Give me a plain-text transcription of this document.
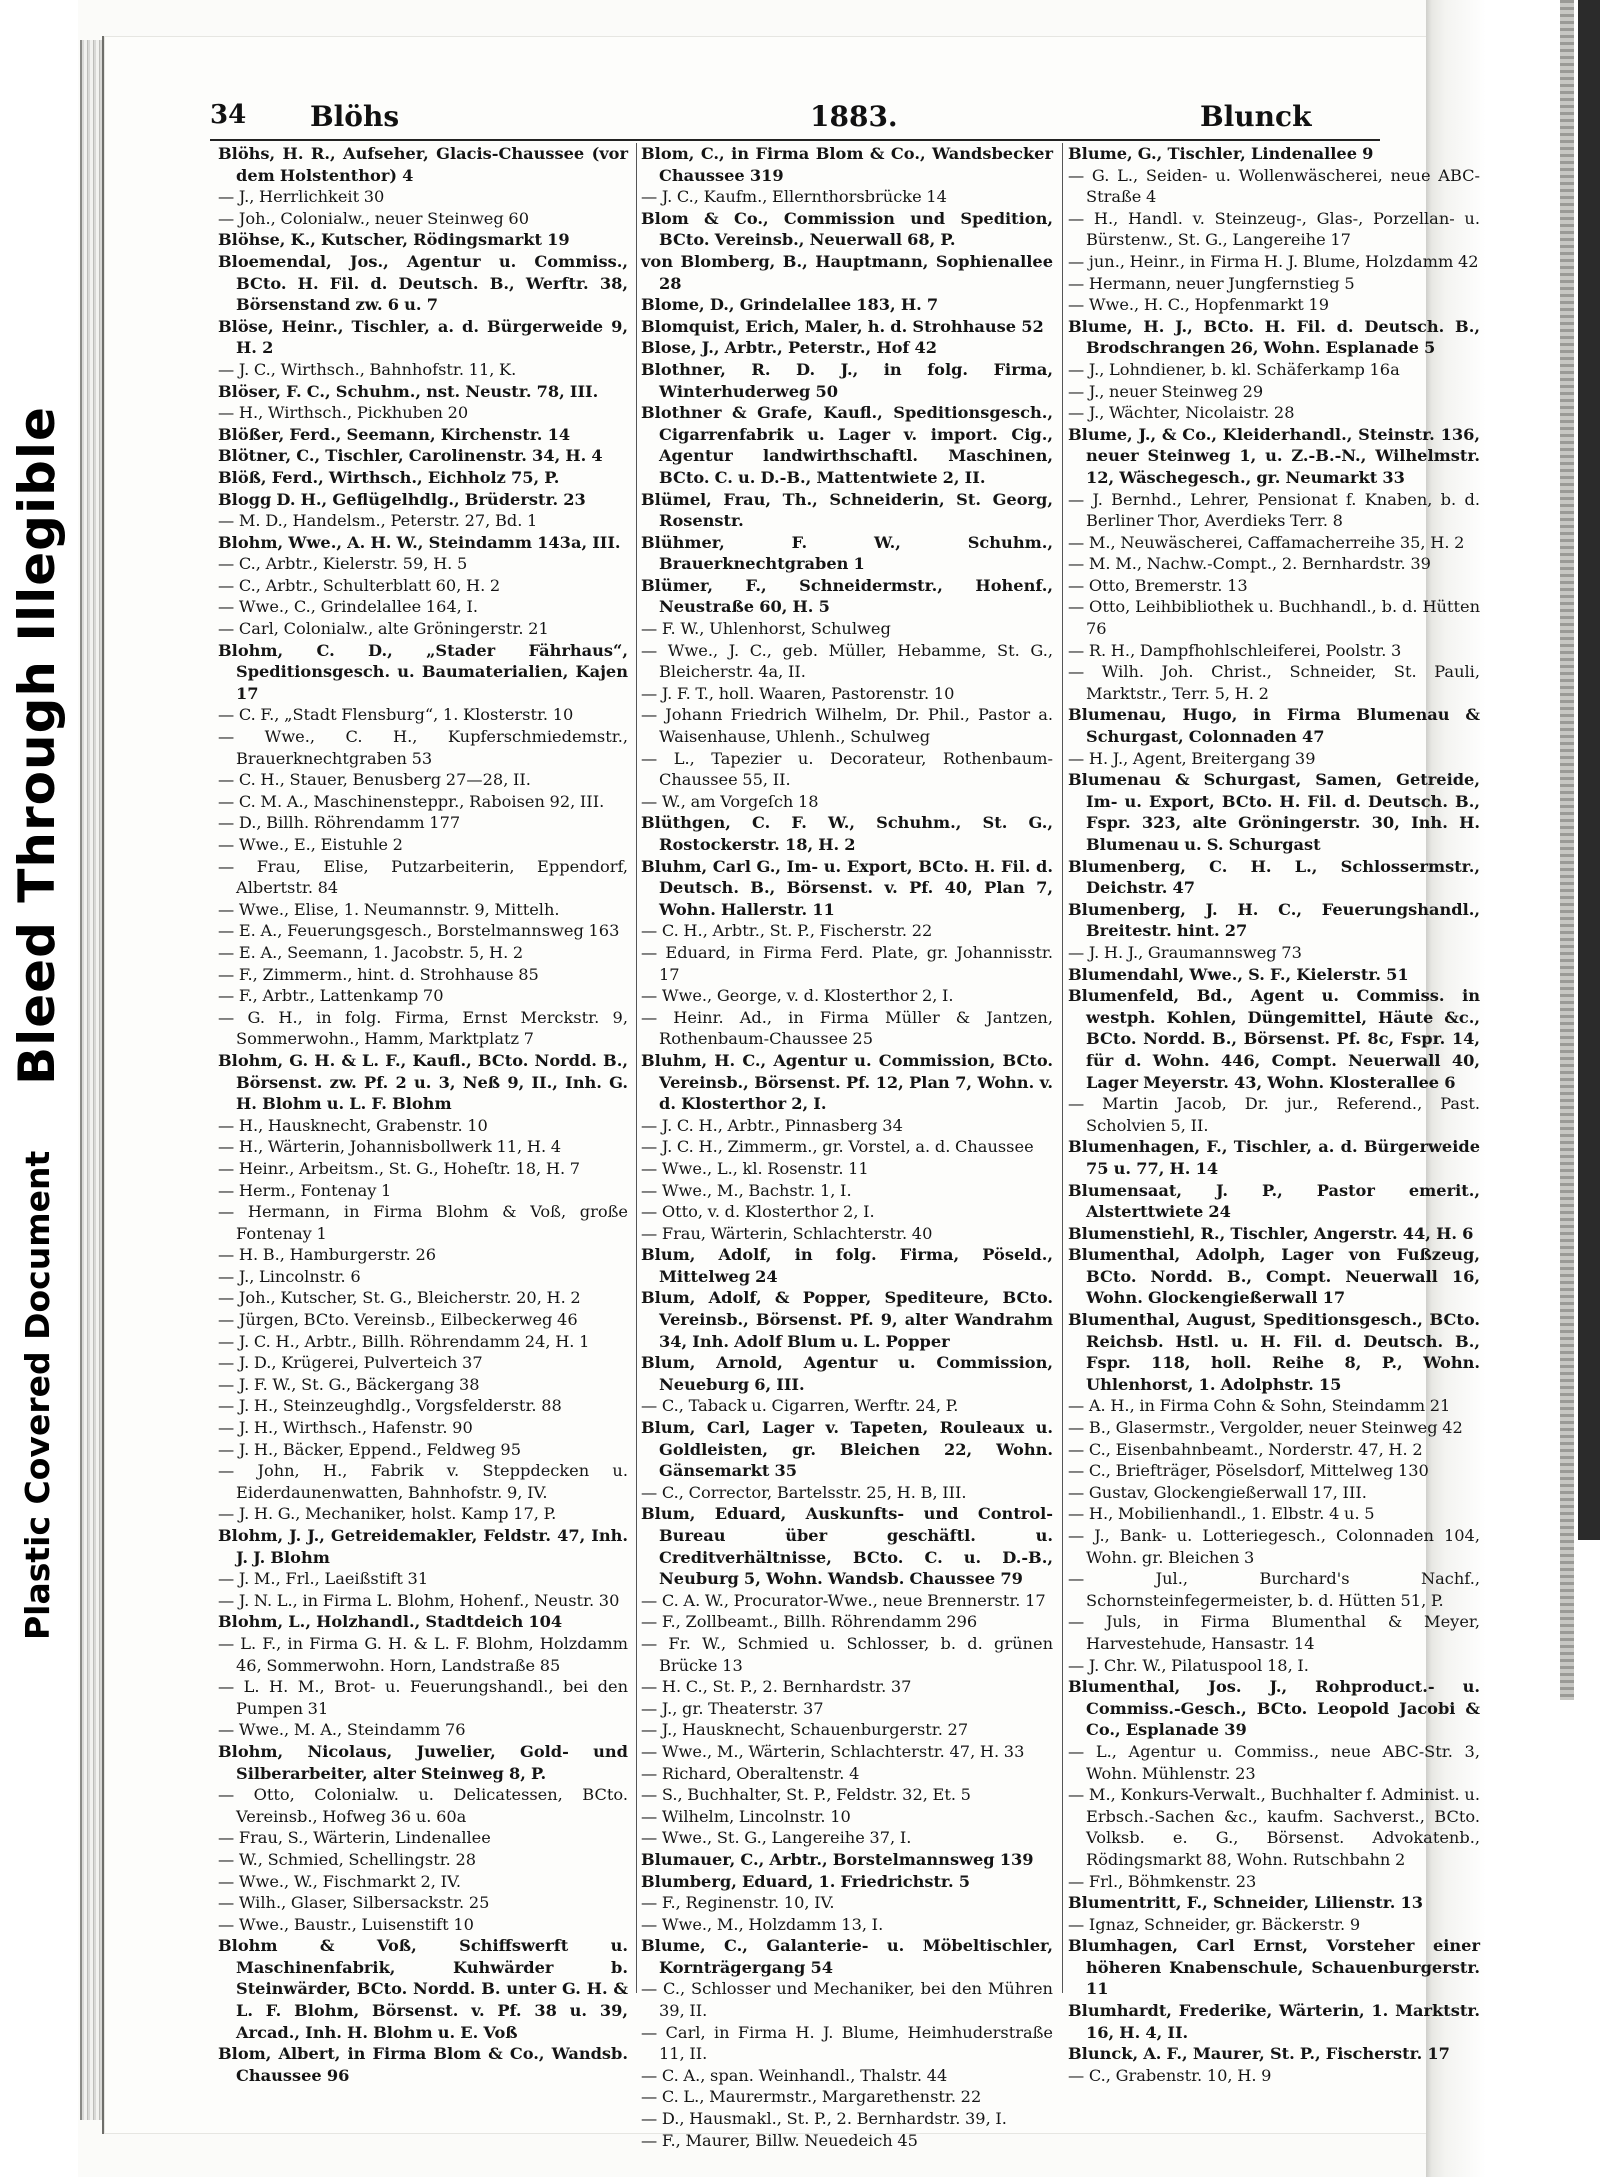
Bleed Through Illegible
Plastic Covered Document
34 Blöhs	1883.	Blunck
Blöhs, H. R., Aufseher, Glacis-Chaussee (vor dem Holstenthor) 4
— J., Herrlichkeit 30
— Joh., Colonialw., neuer Steinweg 60
Blöhse, K., Kutscher, Rödingsmarkt 19
Bloemendal, Jos., Agentur u. Commiss., BCto. H. Fil. d. Deutsch. B., Werftr. 38, Börsenstand zw. 6 u. 7
Blöse, Heinr., Tischler, a. d. Bürgerweide 9, H. 2
— J. C., Wirthsch., Bahnhofstr. 11, K.
Blöser, F. C., Schuhm., nst. Neustr. 78, III.
— H., Wirthsch., Pickhuben 20
Blößer, Ferd., Seemann, Kirchenstr. 14
Blötner, C., Tischler, Carolinenstr. 34, H. 4
Blöß, Ferd., Wirthsch., Eichholz 75, P.
Blogg D. H., Geflügelhdlg., Brüderstr. 23
— M. D., Handelsm., Peterstr. 27, Bd. 1
Blohm, Wwe., A. H. W., Steindamm 143a, III.
— C., Arbtr., Kielerstr. 59, H. 5
— C., Arbtr., Schulterblatt 60, H. 2
— Wwe., C., Grindelallee 164, I.
— Carl, Colonialw., alte Gröningerstr. 21
Blohm, C. D., „Stader Fährhaus“, Speditionsgesch. u. Baumaterialien, Kajen 17
— C. F., „Stadt Flensburg“, 1. Klosterstr. 10
— Wwe., C. H., Kupferschmiedemstr., Brauerknechtgraben 53
— C. H., Stauer, Benusberg 27—28, II.
— C. M. A., Maschinensteppr., Raboisen 92, III.
— D., Billh. Röhrendamm 177
— Wwe., E., Eistuhle 2
— Frau, Elise, Putzarbeiterin, Eppendorf, Albertstr. 84
— Wwe., Elise, 1. Neumannstr. 9, Mittelh.
— E. A., Feuerungsgesch., Borstelmannsweg 163
— E. A., Seemann, 1. Jacobstr. 5, H. 2
— F., Zimmerm., hint. d. Strohhause 85
— F., Arbtr., Lattenkamp 70
— G. H., in folg. Firma, Ernst Merckstr. 9, Sommerwohn., Hamm, Marktplatz 7
Blohm, G. H. & L. F., Kaufl., BCto. Nordd. B., Börsenst. zw. Pf. 2 u. 3, Neß 9, II., Inh. G. H. Blohm u. L. F. Blohm
— H., Hausknecht, Grabenstr. 10
— H., Wärterin, Johannisbollwerk 11, H. 4
— Heinr., Arbeitsm., St. G., Hoheſtr. 18, H. 7
— Herm., Fontenay 1
— Hermann, in Firma Blohm & Voß, große Fontenay 1
— H. B., Hamburgerstr. 26
— J., Lincolnstr. 6
— Joh., Kutscher, St. G., Bleicherstr. 20, H. 2
— Jürgen, BCto. Vereinsb., Eilbeckerweg 46
— J. C. H., Arbtr., Billh. Röhrendamm 24, H. 1
— J. D., Krügerei, Pulverteich 37
— J. F. W., St. G., Bäckergang 38
— J. H., Steinzeughdlg., Vorgsfelderstr. 88
— J. H., Wirthsch., Hafenstr. 90
— J. H., Bäcker, Eppend., Feldweg 95
— John, H., Fabrik v. Steppdecken u. Eiderdaunenwatten, Bahnhofstr. 9, IV.
— J. H. G., Mechaniker, holst. Kamp 17, P.
Blohm, J. J., Getreidemakler, Feldstr. 47, Inh. J. J. Blohm
— J. M., Frl., Laeißstift 31
— J. N. L., in Firma L. Blohm, Hohenf., Neustr. 30
Blohm, L., Holzhandl., Stadtdeich 104
— L. F., in Firma G. H. & L. F. Blohm, Holzdamm 46, Sommerwohn. Horn, Landstraße 85
— L. H. M., Brot- u. Feuerungshandl., bei den Pumpen 31
— Wwe., M. A., Steindamm 76
Blohm, Nicolaus, Juwelier, Gold- und Silberarbeiter, alter Steinweg 8, P.
— Otto, Colonialw. u. Delicatessen, BCto. Vereinsb., Hofweg 36 u. 60a
— Frau, S., Wärterin, Lindenallee
— W., Schmied, Schellingstr. 28
— Wwe., W., Fischmarkt 2, IV.
— Wilh., Glaser, Silbersackstr. 25
— Wwe., Baustr., Luisenstift 10
Blohm & Voß, Schiffswerft u. Maschinenfabrik, Kuhwärder b. Steinwärder, BCto. Nordd. B. unter G. H. & L. F. Blohm, Börsenst. v. Pf. 38 u. 39, Arcad., Inh. H. Blohm u. E. Voß
Blom, Albert, in Firma Blom & Co., Wandsb. Chaussee 96
Blom, C., in Firma Blom & Co., Wandsbecker Chaussee 319
— J. C., Kaufm., Ellernthorsbrücke 14
Blom & Co., Commission und Spedition, BCto. Vereinsb., Neuerwall 68, P.
von Blomberg, B., Hauptmann, Sophienallee 28
Blome, D., Grindelallee 183, H. 7
Blomquist, Erich, Maler, h. d. Strohhause 52
Blose, J., Arbtr., Peterstr., Hof 42
Blothner, R. D. J., in folg. Firma, Winterhuderweg 50
Blothner & Grafe, Kaufl., Speditionsgesch., Cigarrenfabrik u. Lager v. import. Cig., Agentur landwirthschaftl. Maschinen, BCto. C. u. D.-B., Mattentwiete 2, II.
Blümel, Frau, Th., Schneiderin, St. Georg, Rosenstr.
Blühmer, F. W., Schuhm., Brauerknechtgraben 1
Blümer, F., Schneidermstr., Hohenf., Neustraße 60, H. 5
— F. W., Uhlenhorst, Schulweg
— Wwe., J. C., geb. Müller, Hebamme, St. G., Bleicherstr. 4a, II.
— J. F. T., holl. Waaren, Pastorenstr. 10
— Johann Friedrich Wilhelm, Dr. Phil., Pastor a. Waisenhause, Uhlenh., Schulweg
— L., Tapezier u. Decorateur, Rothenbaum-Chaussee 55, II.
— W., am Vorgeſch 18
Blüthgen, C. F. W., Schuhm., St. G., Rostockerstr. 18, H. 2
Bluhm, Carl G., Im- u. Export, BCto. H. Fil. d. Deutsch. B., Börsenst. v. Pf. 40, Plan 7, Wohn. Hallerstr. 11
— C. H., Arbtr., St. P., Fischerstr. 22
— Eduard, in Firma Ferd. Plate, gr. Johannisstr. 17
— Wwe., George, v. d. Klosterthor 2, I.
— Heinr. Ad., in Firma Müller & Jantzen, Rothenbaum-Chaussee 25
Bluhm, H. C., Agentur u. Commission, BCto. Vereinsb., Börsenst. Pf. 12, Plan 7, Wohn. v. d. Klosterthor 2, I.
— J. C. H., Arbtr., Pinnasberg 34
— J. C. H., Zimmerm., gr. Vorstel, a. d. Chaussee
— Wwe., L., kl. Rosenstr. 11
— Wwe., M., Bachstr. 1, I.
— Otto, v. d. Klosterthor 2, I.
— Frau, Wärterin, Schlachterstr. 40
Blum, Adolf, in folg. Firma, Pöseld., Mittelweg 24
Blum, Adolf, & Popper, Spediteure, BCto. Vereinsb., Börsenst. Pf. 9, alter Wandrahm 34, Inh. Adolf Blum u. L. Popper
Blum, Arnold, Agentur u. Commission, Neueburg 6, III.
— C., Taback u. Cigarren, Werftr. 24, P.
Blum, Carl, Lager v. Tapeten, Rouleaux u. Goldleisten, gr. Bleichen 22, Wohn. Gänsemarkt 35
— C., Corrector, Bartelsstr. 25, H. B, III.
Blum, Eduard, Auskunfts- und Control-Bureau über geschäftl. u. Creditverhältnisse, BCto. C. u. D.-B., Neuburg 5, Wohn. Wandsb. Chaussee 79
— C. A. W., Procurator-Wwe., neue Brennerstr. 17
— F., Zollbeamt., Billh. Röhrendamm 296
— Fr. W., Schmied u. Schlosser, b. d. grünen Brücke 13
— H. C., St. P., 2. Bernhardstr. 37
— J., gr. Theaterstr. 37
— J., Hausknecht, Schauenburgerstr. 27
— Wwe., M., Wärterin, Schlachterstr. 47, H. 33
— Richard, Oberaltenstr. 4
— S., Buchhalter, St. P., Feldstr. 32, Et. 5
— Wilhelm, Lincolnstr. 10
— Wwe., St. G., Langereihe 37, I.
Blumauer, C., Arbtr., Borstelmannsweg 139
Blumberg, Eduard, 1. Friedrichstr. 5
— F., Reginenstr. 10, IV.
— Wwe., M., Holzdamm 13, I.
Blume, C., Galanterie- u. Möbeltischler, Kornträgergang 54
— C., Schlosser und Mechaniker, bei den Mühren 39, II.
— Carl, in Firma H. J. Blume, Heimhuderstraße 11, II.
— C. A., span. Weinhandl., Thalstr. 44
— C. L., Maurermstr., Margarethenstr. 22
— D., Hausmakl., St. P., 2. Bernhardstr. 39, I.
— F., Maurer, Billw. Neuedeich 45
Blume, G., Tischler, Lindenallee 9
— G. L., Seiden- u. Wollenwäscherei, neue ABC-Straße 4
— H., Handl. v. Steinzeug-, Glas-, Porzellan- u. Bürstenw., St. G., Langereihe 17
— jun., Heinr., in Firma H. J. Blume, Holzdamm 42
— Hermann, neuer Jungfernstieg 5
— Wwe., H. C., Hopfenmarkt 19
Blume, H. J., BCto. H. Fil. d. Deutsch. B., Brodschrangen 26, Wohn. Esplanade 5
— J., Lohndiener, b. kl. Schäferkamp 16a
— J., neuer Steinweg 29
— J., Wächter, Nicolaistr. 28
Blume, J., & Co., Kleiderhandl., Steinstr. 136, neuer Steinweg 1, u. Z.-B.-N., Wilhelmstr. 12, Wäschegesch., gr. Neumarkt 33
— J. Bernhd., Lehrer, Pensionat f. Knaben, b. d. Berliner Thor, Averdieks Terr. 8
— M., Neuwäscherei, Caffamacherreihe 35, H. 2
— M. M., Nachw.-Compt., 2. Bernhardstr. 39
— Otto, Bremerstr. 13
— Otto, Leihbibliothek u. Buchhandl., b. d. Hütten 76
— R. H., Dampfhohlschleiferei, Poolstr. 3
— Wilh. Joh. Christ., Schneider, St. Pauli, Marktstr., Terr. 5, H. 2
Blumenau, Hugo, in Firma Blumenau & Schurgast, Colonnaden 47
— H. J., Agent, Breitergang 39
Blumenau & Schurgast, Samen, Getreide, Im- u. Export, BCto. H. Fil. d. Deutsch. B., Fspr. 323, alte Gröningerstr. 30, Inh. H. Blumenau u. S. Schurgast
Blumenberg, C. H. L., Schlossermstr., Deichstr. 47
Blumenberg, J. H. C., Feuerungshandl., Breitestr. hint. 27
— J. H. J., Graumannsweg 73
Blumendahl, Wwe., S. F., Kielerstr. 51
Blumenfeld, Bd., Agent u. Commiss. in westph. Kohlen, Düngemittel, Häute &c., BCto. Nordd. B., Börsenst. Pf. 8c, Fspr. 14, für d. Wohn. 446, Compt. Neuerwall 40, Lager Meyerstr. 43, Wohn. Klosterallee 6
— Martin Jacob, Dr. jur., Referend., Past. Scholvien 5, II.
Blumenhagen, F., Tischler, a. d. Bürgerweide 75 u. 77, H. 14
Blumensaat, J. P., Pastor emerit., Alsterttwiete 24
Blumenstiehl, R., Tischler, Angerstr. 44, H. 6
Blumenthal, Adolph, Lager von Fußzeug, BCto. Nordd. B., Compt. Neuerwall 16, Wohn. Glockengießerwall 17
Blumenthal, August, Speditionsgesch., BCto. Reichsb. Hstl. u. H. Fil. d. Deutsch. B., Fspr. 118, holl. Reihe 8, P., Wohn. Uhlenhorst, 1. Adolphstr. 15
— A. H., in Firma Cohn & Sohn, Steindamm 21
— B., Glasermstr., Vergolder, neuer Steinweg 42
— C., Eisenbahnbeamt., Norderstr. 47, H. 2
— C., Briefträger, Pöselsdorf, Mittelweg 130
— Gustav, Glockengießerwall 17, III.
— H., Mobilienhandl., 1. Elbstr. 4 u. 5
— J., Bank- u. Lotteriegesch., Colonnaden 104, Wohn. gr. Bleichen 3
— Jul., Burchard's Nachf., Schornsteinfegermeister, b. d. Hütten 51, P.
— Juls, in Firma Blumenthal & Meyer, Harvestehude, Hansastr. 14
— J. Chr. W., Pilatuspool 18, I.
Blumenthal, Jos. J., Rohproduct.- u. Commiss.-Gesch., BCto. Leopold Jacobi & Co., Esplanade 39
— L., Agentur u. Commiss., neue ABC-Str. 3, Wohn. Mühlenstr. 23
— M., Konkurs-Verwalt., Buchhalter f. Administ. u. Erbsch.-Sachen &c., kaufm. Sachverst., BCto. Volksb. e. G., Börsenst. Advokatenb., Rödingsmarkt 88, Wohn. Rutschbahn 2
— Frl., Böhmkenstr. 23
Blumentritt, F., Schneider, Lilienstr. 13
— Ignaz, Schneider, gr. Bäckerstr. 9
Blumhagen, Carl Ernst, Vorsteher einer höheren Knabenschule, Schauenburgerstr. 11
Blumhardt, Frederike, Wärterin, 1. Marktstr. 16, H. 4, II.
Blunck, A. F., Maurer, St. P., Fischerstr. 17
— C., Grabenstr. 10, H. 9
